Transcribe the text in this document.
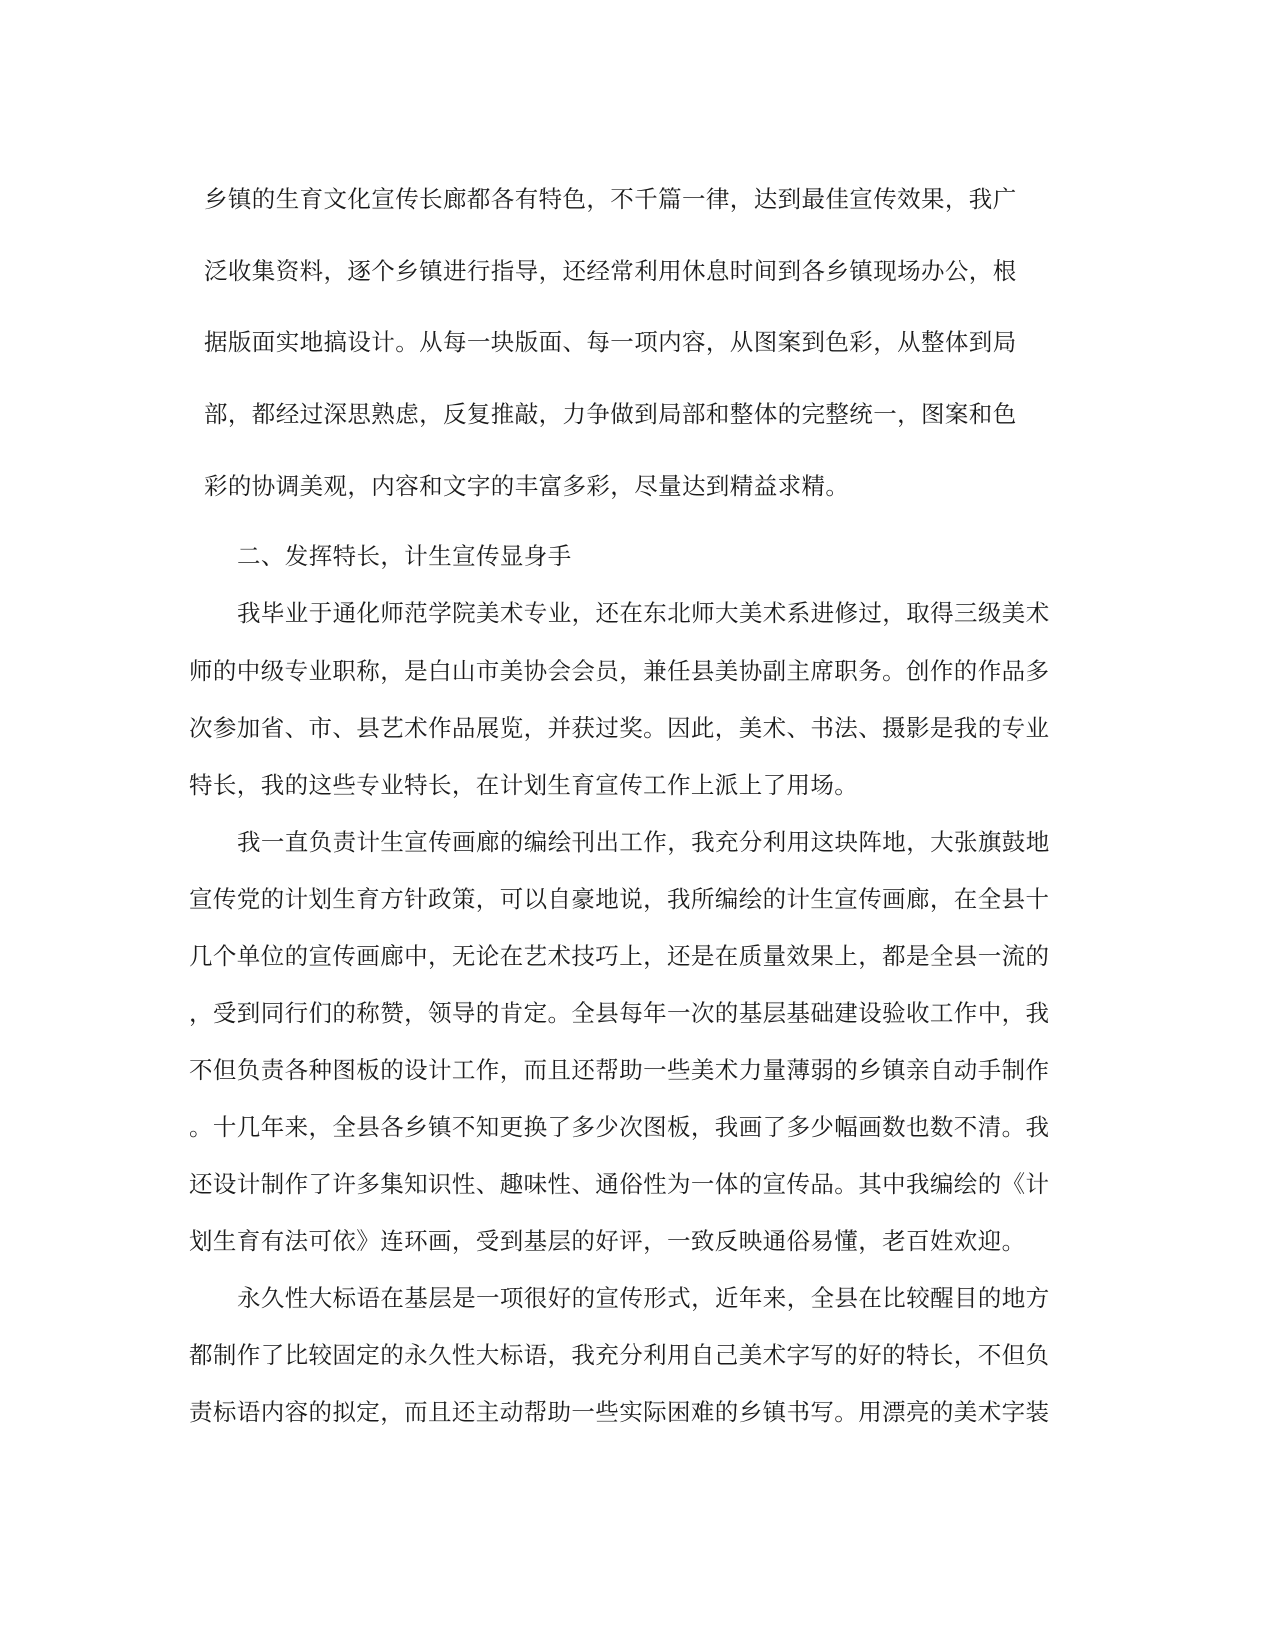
乡镇的生育文化宣传长廊都各有特色，不千篇一律，达到最佳宣传效果，我广
泛收集资料，逐个乡镇进行指导，还经常利用休息时间到各乡镇现场办公，根
据版面实地搞设计。从每一块版面、每一项内容，从图案到色彩，从整体到局
部，都经过深思熟虑，反复推敲，力争做到局部和整体的完整统一，图案和色
彩的协调美观，内容和文字的丰富多彩，尽量达到精益求精。
二、发挥特长，计生宣传显身手
我毕业于通化师范学院美术专业，还在东北师大美术系进修过，取得三级美术
师的中级专业职称，是白山市美协会会员，兼任县美协副主席职务。创作的作品多
次参加省、市、县艺术作品展览，并获过奖。因此，美术、书法、摄影是我的专业
特长，我的这些专业特长，在计划生育宣传工作上派上了用场。
我一直负责计生宣传画廊的编绘刊出工作，我充分利用这块阵地，大张旗鼓地
宣传党的计划生育方针政策，可以自豪地说，我所编绘的计生宣传画廊，在全县十
几个单位的宣传画廊中，无论在艺术技巧上，还是在质量效果上，都是全县一流的
，受到同行们的称赞，领导的肯定。全县每年一次的基层基础建设验收工作中，我
不但负责各种图板的设计工作，而且还帮助一些美术力量薄弱的乡镇亲自动手制作
。十几年来，全县各乡镇不知更换了多少次图板，我画了多少幅画数也数不清。我
还设计制作了许多集知识性、趣味性、通俗性为一体的宣传品。其中我编绘的《计
划生育有法可依》连环画，受到基层的好评，一致反映通俗易懂，老百姓欢迎。
永久性大标语在基层是一项很好的宣传形式，近年来，全县在比较醒目的地方
都制作了比较固定的永久性大标语，我充分利用自己美术字写的好的特长，不但负
责标语内容的拟定，而且还主动帮助一些实际困难的乡镇书写。用漂亮的美术字装
